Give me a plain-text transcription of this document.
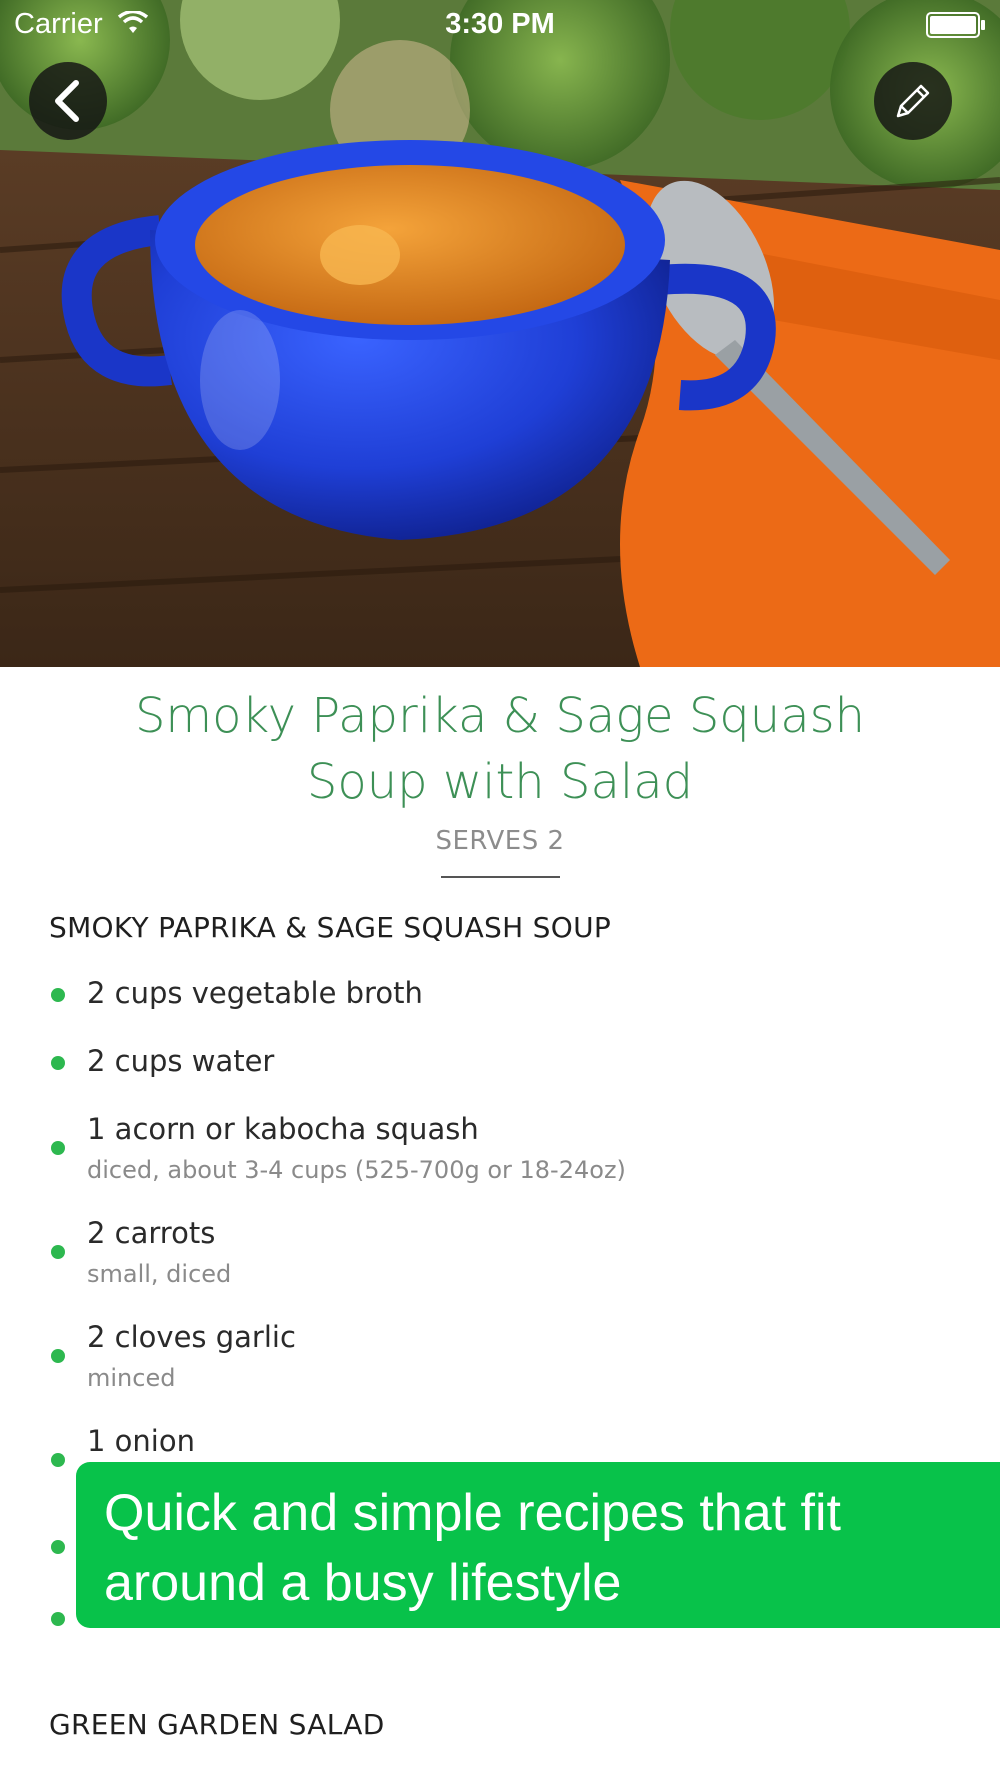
Carrier	3:30 PM
Smoky Paprika & Sage Squash
Soup with Salad
SERVES 2
SMOKY PAPRIKA & SAGE SQUASH SOUP
2 cups vegetable broth
2 cups water
1 acorn or kabocha squash
diced, about 3-4 cups (525-700g or 18-24oz)
2 carrots
small, diced
2 cloves garlic
minced
1 onion
Quick and simple recipes that fit around a busy lifestyle
GREEN GARDEN SALAD
